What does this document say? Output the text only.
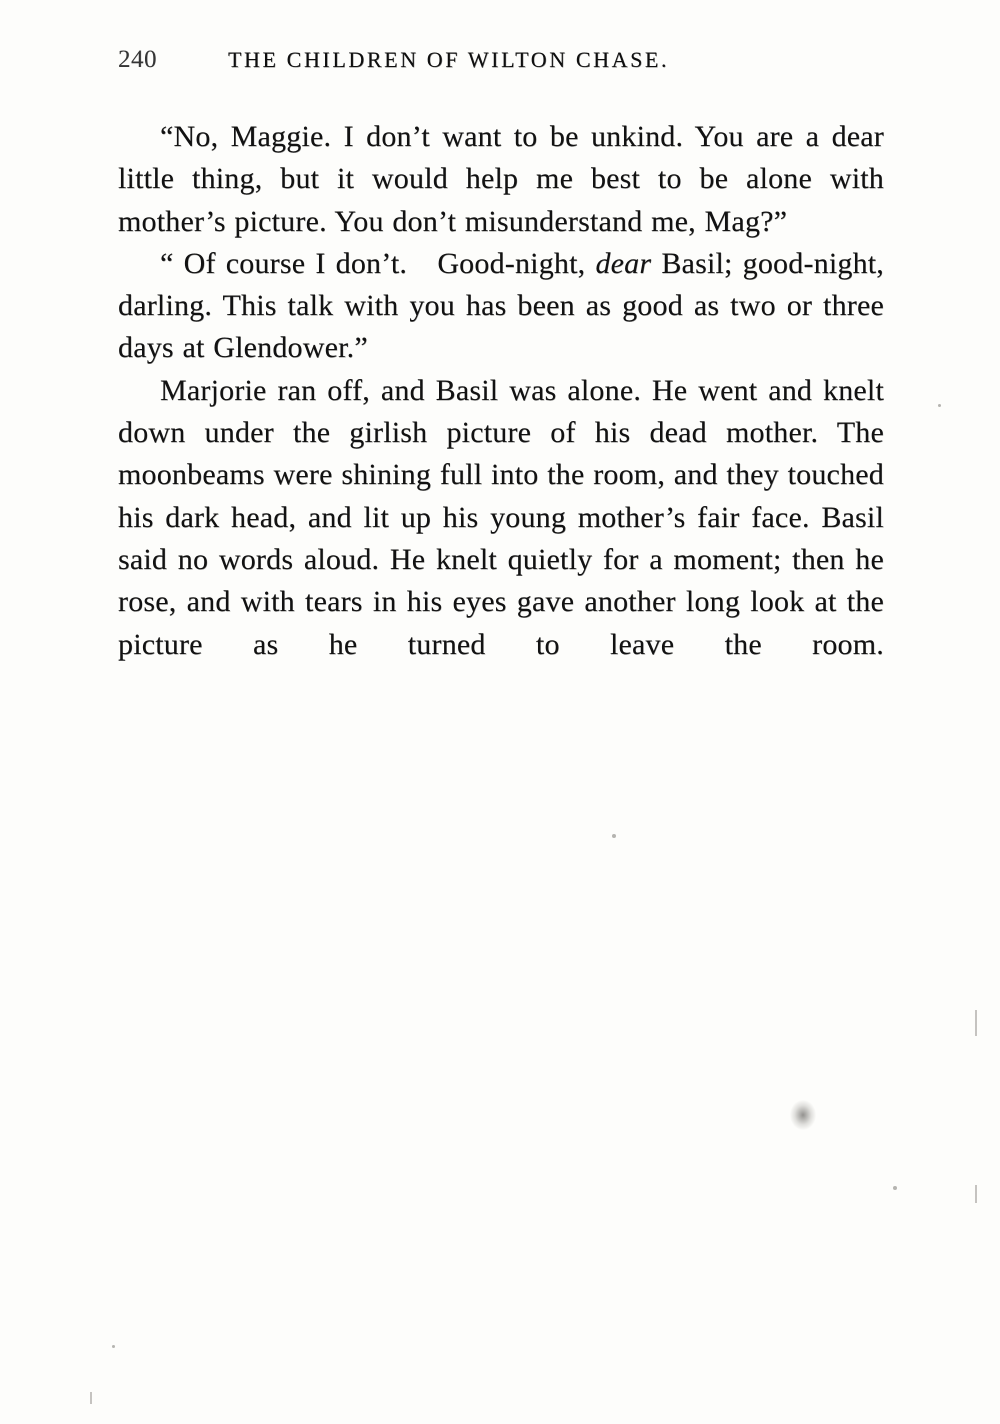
240	THE CHILDREN OF WILTON CHASE.

“No, Maggie. I don’t want to be unkind. You are a dear little thing, but it would help me best to be alone with mother’s picture. You don’t misunderstand me, Mag?”

“ Of course I don’t. Good-night, dear Basil; good-night, darling. This talk with you has been as good as two or three days at Glendower.”

Marjorie ran off, and Basil was alone. He went and knelt down under the girlish picture of his dead mother. The moonbeams were shining full into the room, and they touched his dark head, and lit up his young mother’s fair face. Basil said no words aloud. He knelt quietly for a moment; then he rose, and with tears in his eyes gave another long look at the picture as he turned to leave the room.
